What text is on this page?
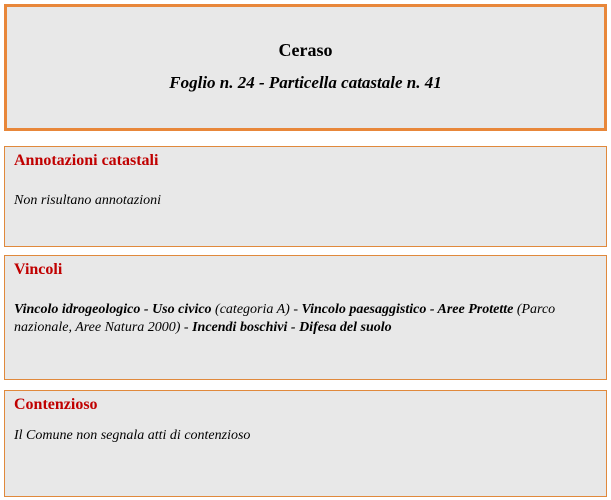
Ceraso
Foglio n. 24 - Particella catastale n. 41
Annotazioni catastali
Non risultano annotazioni
Vincoli
Vincolo idrogeologico - Uso civico (categoria A) - Vincolo paesaggistico - Aree Protette (Parco nazionale, Aree Natura 2000) - Incendi boschivi - Difesa del suolo
Contenzioso
Il Comune non segnala atti di contenzioso
